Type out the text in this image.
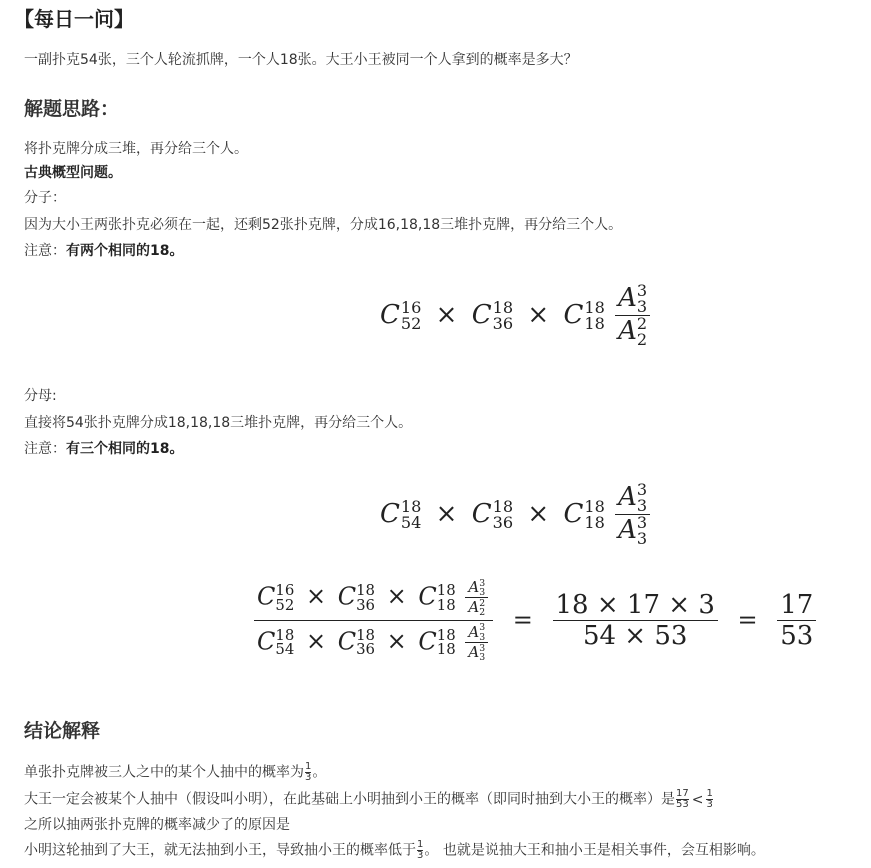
【每日一问】
一副扑克54张，三个人轮流抓牌，一个人18张。大王小王被同一个人拿到的概率是多大？
解题思路：
将扑克牌分成三堆，再分给三个人。
古典概型问题。
分子：
因为大小王两张扑克必须在一起，还剩52张扑克牌，分成16,18,18三堆扑克牌，再分给三个人。
注意：有两个相同的18。
C 16
52 × C 18
36 × C 18
18
A 3
3
A 2
2
分母:
直接将54张扑克牌分成18,18,18三堆扑克牌，再分给三个人。
注意：有三个相同的18。
C 18
54 × C 18
36 × C 18
18
A 3
3
A 3
3
C 16
52 × C 18
36 × C 18
18
A 3
3
A 2
2
C 18
54 × C 18
36 × C 18
18
A 3
3
A 3
3
= $\frac{18 \times 17 \times 3}{54 \times 53} = \frac{17}{53}$
结论解释
单张扑克牌被三人之中的某个人抽中的概率为 $\frac{1}{3}$ 。
大王一定会被某个人抽中（假设叫小明），在此基础上小明抽到小王的概率（即同时抽到大小王的概率）是 $\frac{17}{53} < \frac{1}{3}$
之所以抽两张扑克牌的概率减少了的原因是
小明这轮抽到了大王，就无法抽到小王，导致抽小王的概率低于 $\frac{1}{3}$ 。 也就是说抽大王和抽小王是相关事件，会互相影响。
